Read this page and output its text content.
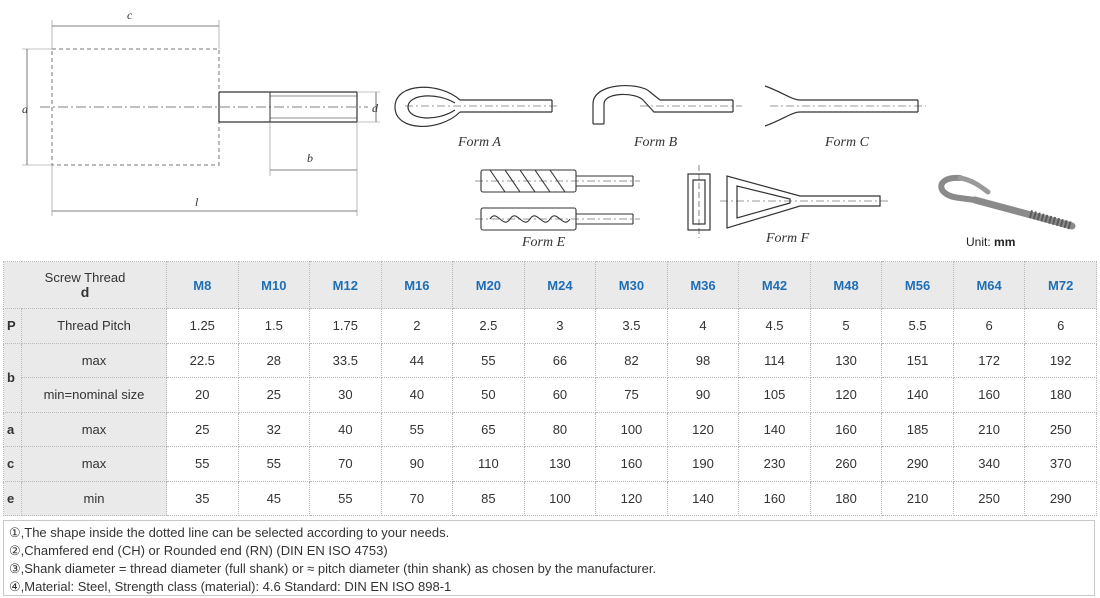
c
a	d
b
l
Form A	Form B	Form C
Form E	Form F	Unit: mm
Screw Thread
d		M8	M10	M12	M16	M20	M24	M30	M36	M42	M48	M56	M64	M72
P	Thread Pitch	1.25	1.5	1.75	2	2.5	3	3.5	4	4.5	5	5.5	6	6
b	max	22.5	28	33.5	44	55	66	82	98	114	130	151	172	192
	min=nominal size	20	25	30	40	50	60	75	90	105	120	140	160	180
a	max	25	32	40	55	65	80	100	120	140	160	185	210	250
c	max	55	55	70	90	110	130	160	190	230	260	290	340	370
e	min	35	45	55	70	85	100	120	140	160	180	210	250	290
①,The shape inside the dotted line can be selected according to your needs.
②,Chamfered end (CH) or Rounded end (RN) (DIN EN ISO 4753)
③,Shank diameter = thread diameter (full shank) or ≈ pitch diameter (thin shank) as chosen by the manufacturer.
④,Material: Steel, Strength class (material): 4.6 Standard: DIN EN ISO 898-1
